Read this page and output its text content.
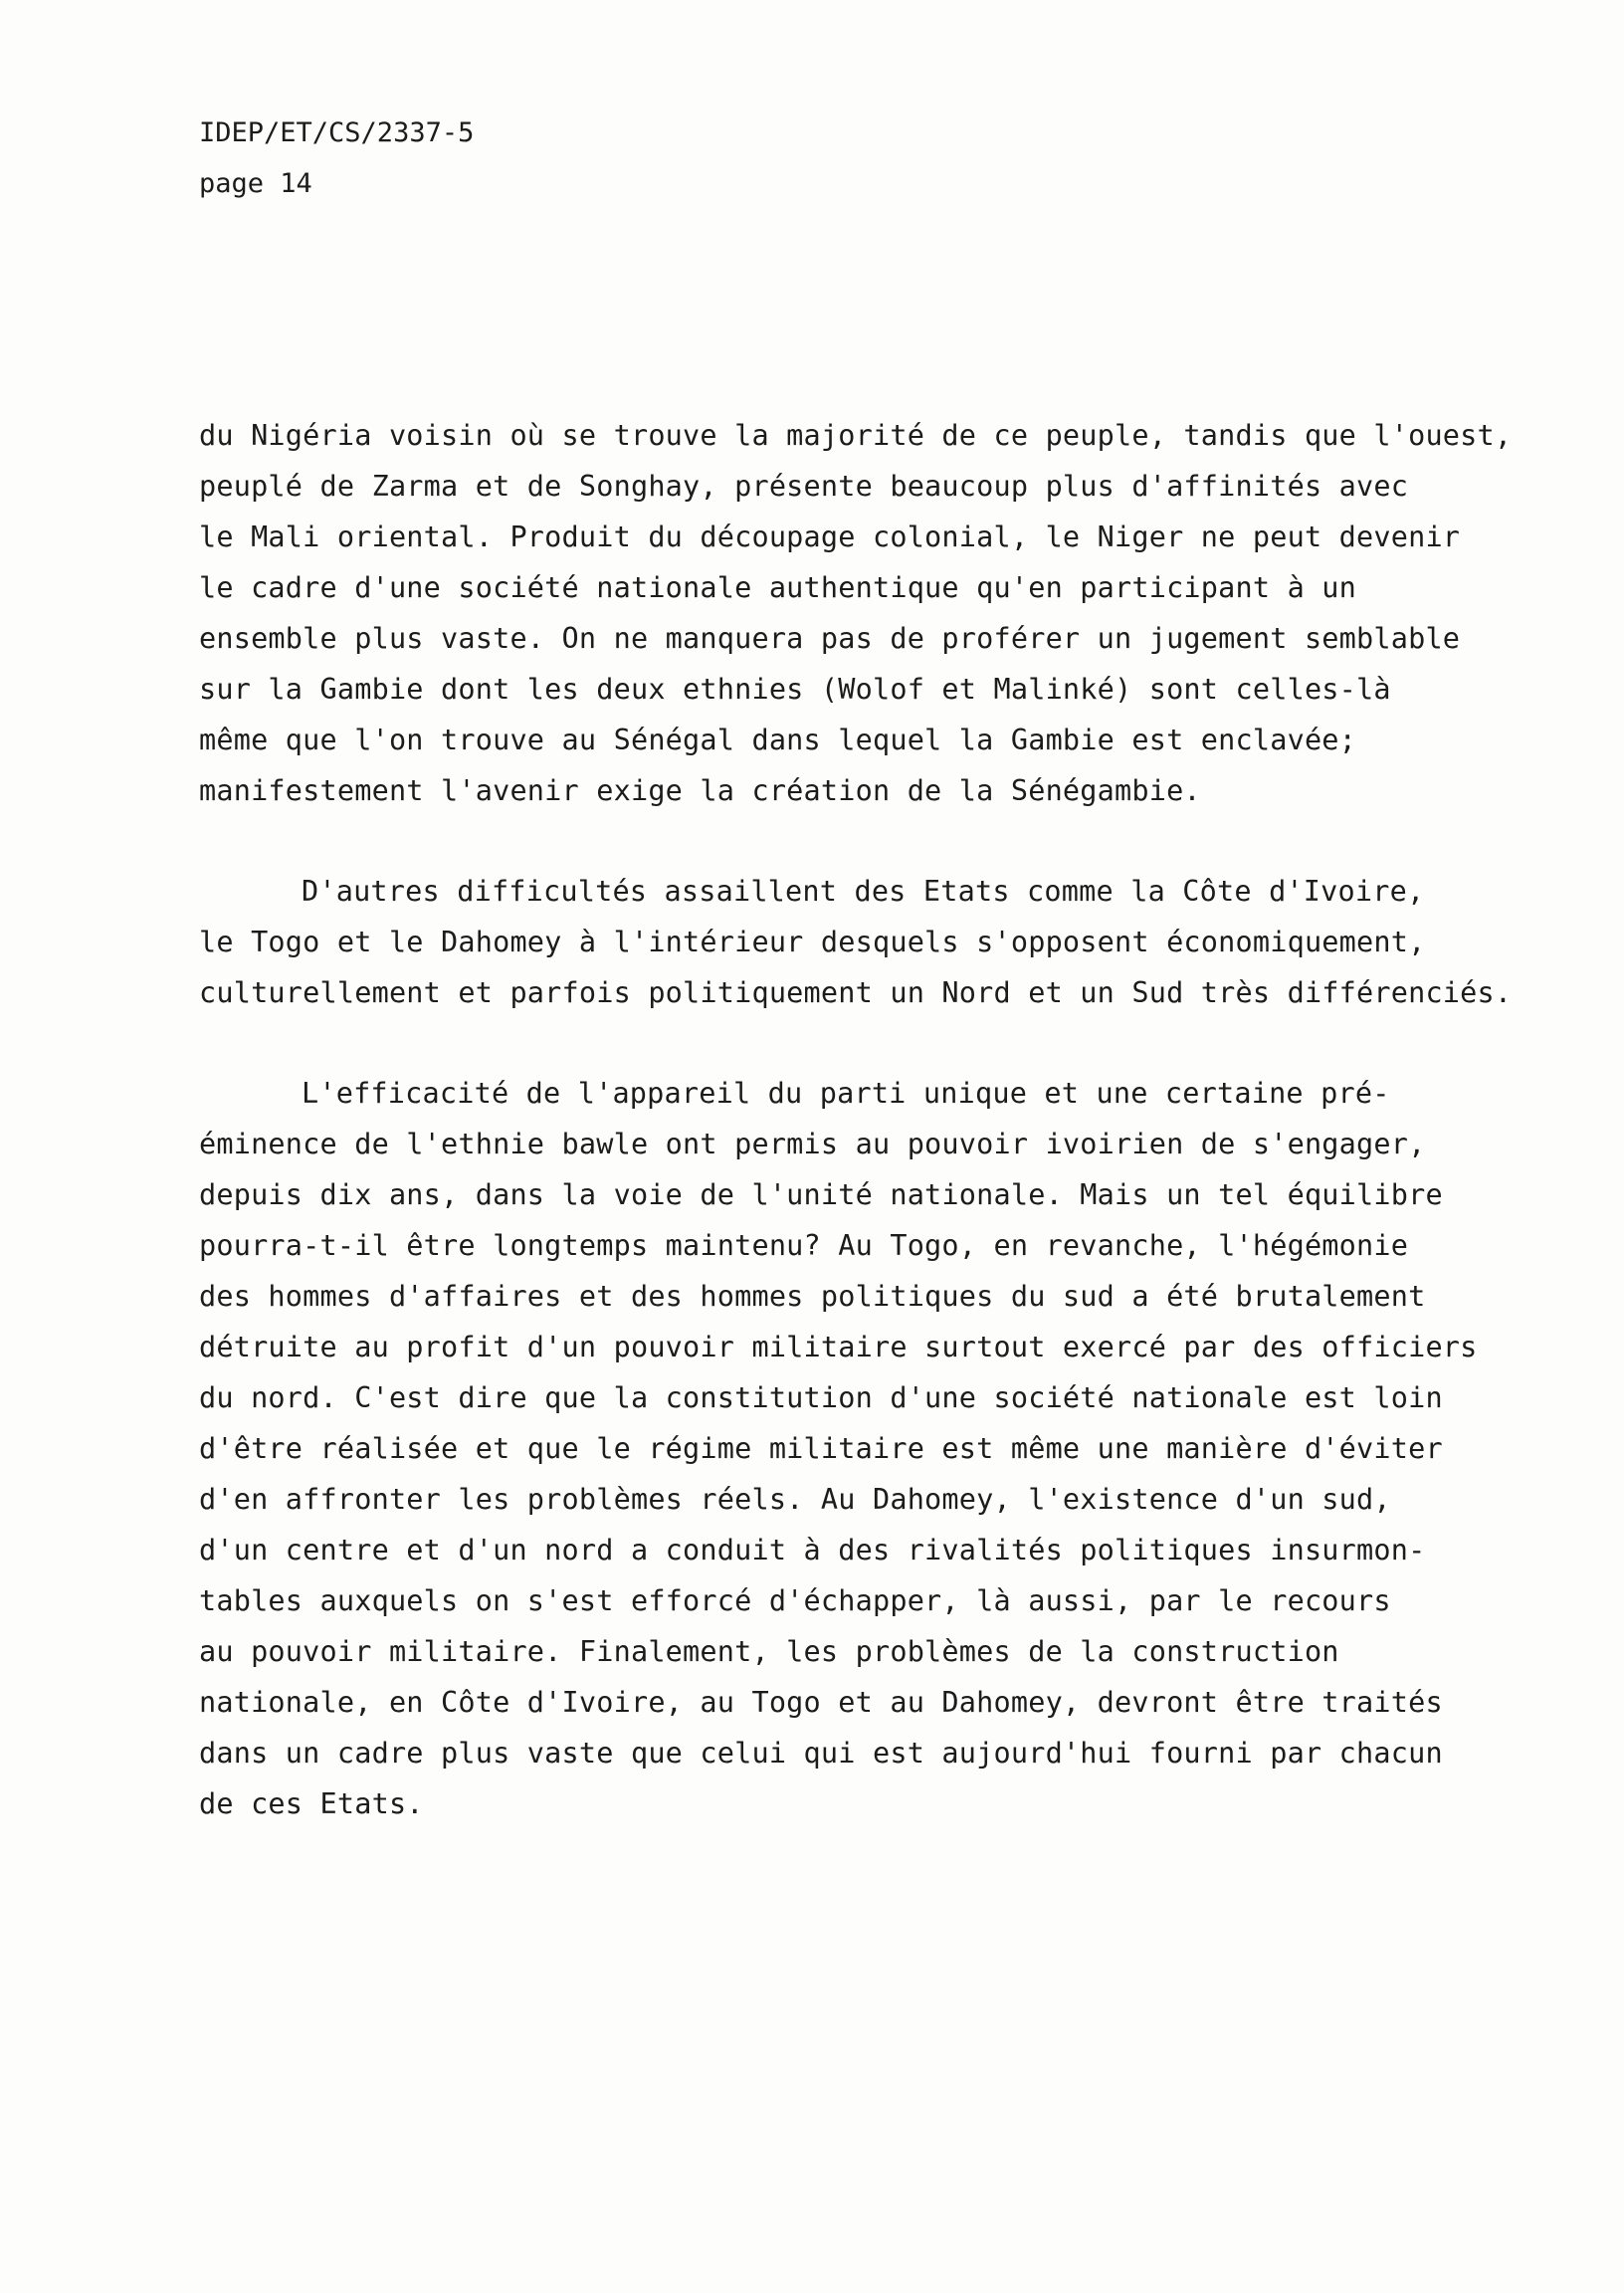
IDEP/ET/CS/2337-5
page 14
du Nigéria voisin où se trouve la majorité de ce peuple, tandis que l'ouest,
peuplé de Zarma et de Songhay, présente beaucoup plus d'affinités avec
le Mali oriental. Produit du découpage colonial, le Niger ne peut devenir
le cadre d'une société nationale authentique qu'en participant à un
ensemble plus vaste. On ne manquera pas de proférer un jugement semblable
sur la Gambie dont les deux ethnies (Wolof et Malinké) sont celles-là
même que l'on trouve au Sénégal dans lequel la Gambie est enclavée;
manifestement l'avenir exige la création de la Sénégambie.
D'autres difficultés assaillent des Etats comme la Côte d'Ivoire,
le Togo et le Dahomey à l'intérieur desquels s'opposent économiquement,
culturellement et parfois politiquement un Nord et un Sud très différenciés.
L'efficacité de l'appareil du parti unique et une certaine pré-
éminence de l'ethnie bawle ont permis au pouvoir ivoirien de s'engager,
depuis dix ans, dans la voie de l'unité nationale. Mais un tel équilibre
pourra-t-il être longtemps maintenu? Au Togo, en revanche, l'hégémonie
des hommes d'affaires et des hommes politiques du sud a été brutalement
détruite au profit d'un pouvoir militaire surtout exercé par des officiers
du nord. C'est dire que la constitution d'une société nationale est loin
d'être réalisée et que le régime militaire est même une manière d'éviter
d'en affronter les problèmes réels. Au Dahomey, l'existence d'un sud,
d'un centre et d'un nord a conduit à des rivalités politiques insurmon-
tables auxquels on s'est efforcé d'échapper, là aussi, par le recours
au pouvoir militaire. Finalement, les problèmes de la construction
nationale, en Côte d'Ivoire, au Togo et au Dahomey, devront être traités
dans un cadre plus vaste que celui qui est aujourd'hui fourni par chacun
de ces Etats.
